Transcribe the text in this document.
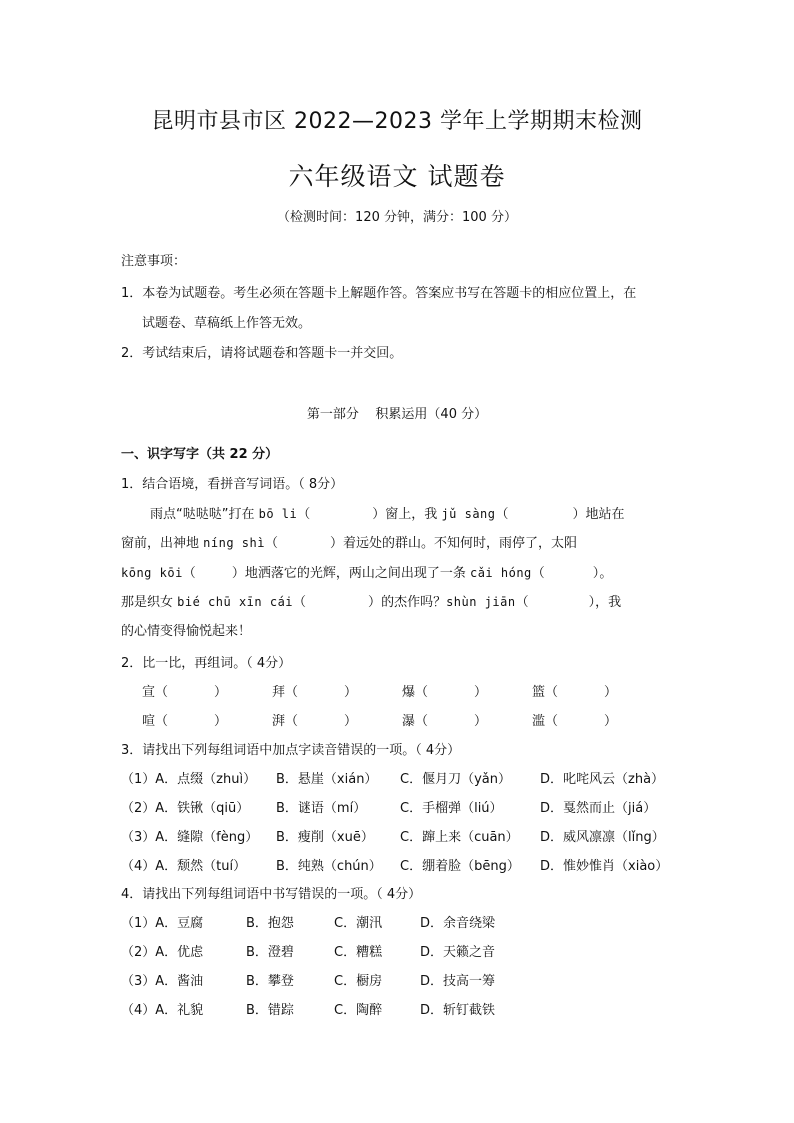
昆明市县市区 2022—2023 学年上学期期末检测
六年级语文 试题卷
（检测时间：120 分钟，满分：100 分）
注意事项：
1．本卷为试题卷。考生必须在答题卡上解题作答。答案应书写在答题卡的相应位置上，在
试题卷、草稿纸上作答无效。
2．考试结束后，请将试题卷和答题卡一并交回。
第一部分    积累运用（40 分）
一、识字写字（共 22 分）
1．结合语境，看拼音写词语。（ 8分）
雨点“哒哒哒”打在 bō li（	）窗上，我 jǔ sàng（	）地站在
窗前，出神地 níng shì（	）着远处的群山。不知何时，雨停了，太阳
kōng kōi（	）地洒落它的光辉，两山之间出现了一条 cǎi hóng（	）。
那是织女 bié chū xīn cái（	）的杰作吗？shùn jiān（	），我
的心情变得愉悦起来！
2．比一比，再组词。（ 4分）
宣（	）	拜（	）	爆（	）	篮（	）
喧（	）	湃（	）	瀑（	）	滥（	）
3．请找出下列每组词语中加点字读音错误的一项。（ 4分）
（1）A．点缀（zhuì） B．悬崖（xián） C．偃月刀（yǎn） D．叱咤风云（zhà）
（2）A．铁锹（qiū） B．谜语（mí）	C．手榴弹（liú）	D．戛然而止（jiá）
（3）A．缝隙（fèng） B．瘦削（xuē） C．蹿上来（cuān） D．威风凛凛（lǐng）
（4）A．颓然（tuí） B．纯熟（chún） C．绷着脸（bēng） D．惟妙惟肖（xiào）
4．请找出下列每组词语中书写错误的一项。（ 4分）
（1）A．豆腐	B．抱怨	C．潮汛	D．余音绕梁
（2）A．优虑	B．澄碧	C．糟糕	D．天籁之音
（3）A．酱油	B．攀登	C．橱房	D．技高一筹
（4）A．礼貌	B．错踪	C．陶醉	D．斩钉截铁
